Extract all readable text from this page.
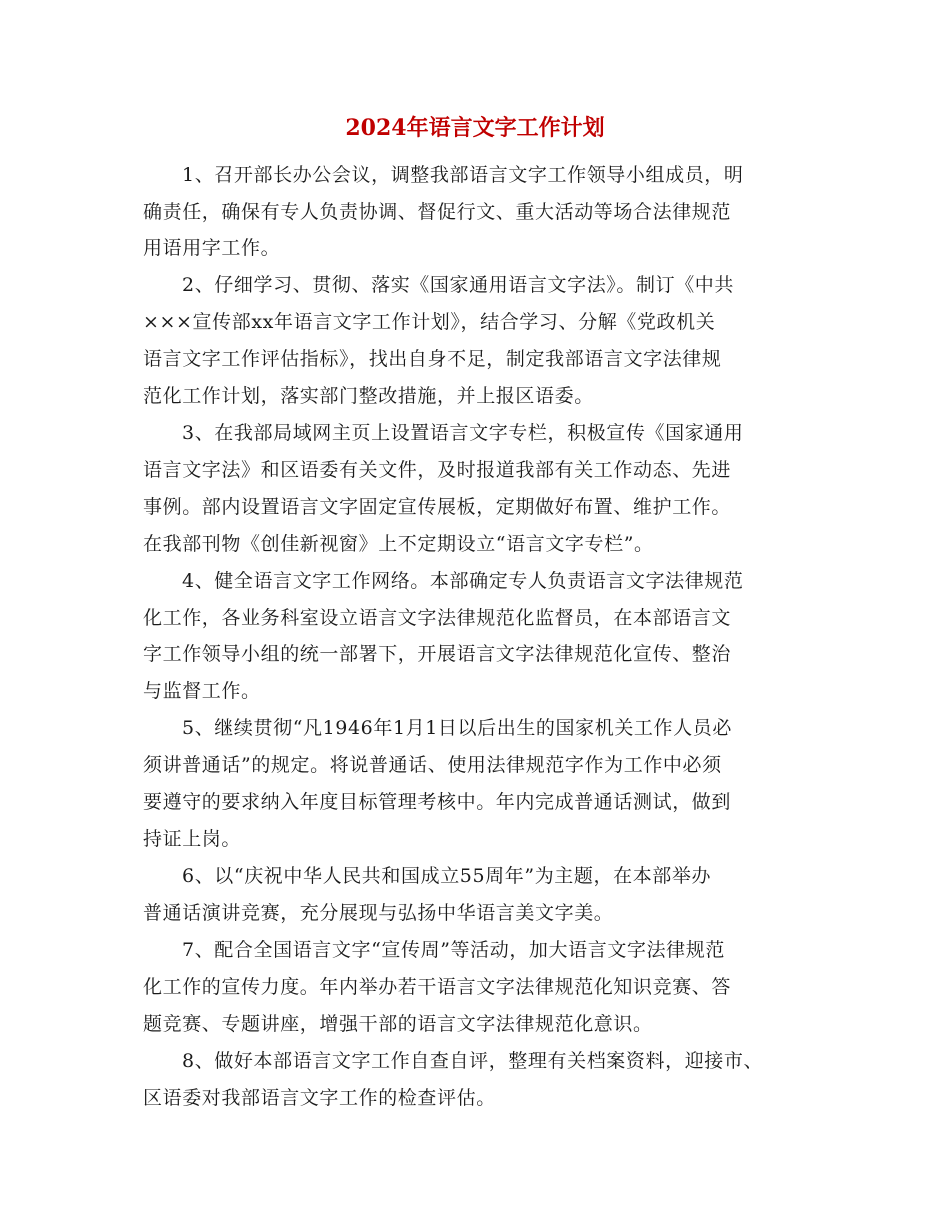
2024年语言文字工作计划
1、召开部长办公会议，调整我部语言文字工作领导小组成员，明
确责任，确保有专人负责协调、督促行文、重大活动等场合法律规范
用语用字工作。
2、仔细学习、贯彻、落实《国家通用语言文字法》。制订《中共
×××宣传部xx年语言文字工作计划》，结合学习、分解《党政机关
语言文字工作评估指标》，找出自身不足，制定我部语言文字法律规
范化工作计划，落实部门整改措施，并上报区语委。
3、在我部局域网主页上设置语言文字专栏，积极宣传《国家通用
语言文字法》和区语委有关文件，及时报道我部有关工作动态、先进
事例。部内设置语言文字固定宣传展板，定期做好布置、维护工作。
在我部刊物《创佳新视窗》上不定期设立“语言文字专栏”。
4、健全语言文字工作网络。本部确定专人负责语言文字法律规范
化工作，各业务科室设立语言文字法律规范化监督员，在本部语言文
字工作领导小组的统一部署下，开展语言文字法律规范化宣传、整治
与监督工作。
5、继续贯彻“凡1946年1月1日以后出生的国家机关工作人员必
须讲普通话”的规定。将说普通话、使用法律规范字作为工作中必须
要遵守的要求纳入年度目标管理考核中。年内完成普通话测试，做到
持证上岗。
6、以“庆祝中华人民共和国成立55周年”为主题，在本部举办
普通话演讲竞赛，充分展现与弘扬中华语言美文字美。
7、配合全国语言文字“宣传周”等活动，加大语言文字法律规范
化工作的宣传力度。年内举办若干语言文字法律规范化知识竞赛、答
题竞赛、专题讲座，增强干部的语言文字法律规范化意识。
8、做好本部语言文字工作自查自评，整理有关档案资料，迎接市、
区语委对我部语言文字工作的检查评估。
